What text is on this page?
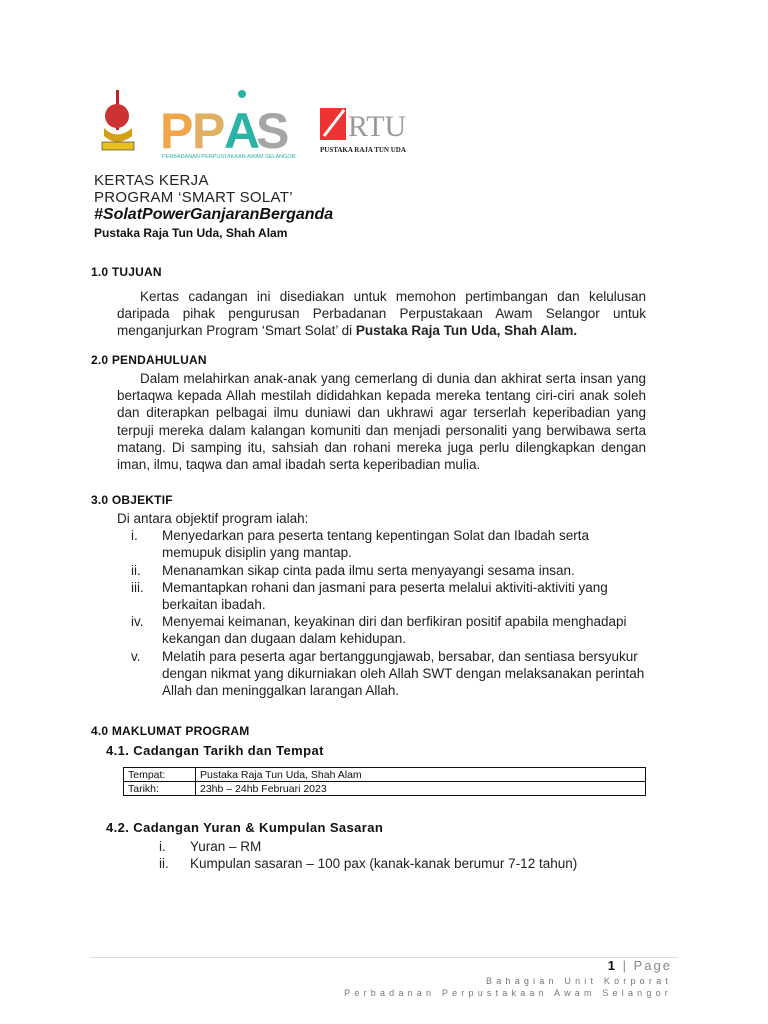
P
P
A
S
PERBADANAN PERPUSTAKAAN AWAM SELANGOR
RTU
PUSTAKA RAJA TUN UDA
KERTAS KERJA
PROGRAM ‘SMART SOLAT’
#SolatPowerGanjaranBerganda
Pustaka Raja Tun Uda, Shah Alam
1.0 TUJUAN
Kertas cadangan ini disediakan untuk memohon pertimbangan dan kelulusan
daripada pihak pengurusan Perbadanan Perpustakaan Awam Selangor untuk
menganjurkan Program ‘Smart Solat’ di Pustaka Raja Tun Uda, Shah Alam.
2.0 PENDAHULUAN
Dalam melahirkan anak-anak yang cemerlang di dunia dan akhirat serta insan yang
bertaqwa kepada Allah mestilah dididahkan kepada mereka tentang ciri-ciri anak soleh
dan diterapkan pelbagai ilmu duniawi dan ukhrawi agar terserlah keperibadian yang
terpuji mereka dalam kalangan komuniti dan menjadi personaliti yang berwibawa serta
matang. Di samping itu, sahsiah dan rohani mereka juga perlu dilengkapkan dengan
iman, ilmu, taqwa dan amal ibadah serta keperibadian mulia.
3.0 OBJEKTIF
Di antara objektif program ialah:
i.	Menyedarkan para peserta tentang kepentingan Solat dan Ibadah serta
memupuk disiplin yang mantap.
ii.	Menanamkan sikap cinta pada ilmu serta menyayangi sesama insan.
iii.	Memantapkan rohani dan jasmani para peserta melalui aktiviti-aktiviti yang
berkaitan ibadah.
iv.	Menyemai keimanan, keyakinan diri dan berfikiran positif apabila menghadapi
kekangan dan dugaan dalam kehidupan.
v.	Melatih para peserta agar bertanggungjawab, bersabar, dan sentiasa bersyukur
dengan nikmat yang dikurniakan oleh Allah SWT dengan melaksanakan perintah
Allah dan meninggalkan larangan Allah.
4.0 MAKLUMAT PROGRAM
4.1. Cadangan Tarikh dan Tempat
Tempat:	Pustaka Raja Tun Uda, Shah Alam
Tarikh:	23hb – 24hb Februari 2023
4.2. Cadangan Yuran & Kumpulan Sasaran
i.	Yuran – RM
ii.	Kumpulan sasaran – 100 pax (kanak-kanak berumur 7-12 tahun)
1 | Page
Bahagian Unit Korporat
Perbadanan Perpustakaan Awam Selangor
